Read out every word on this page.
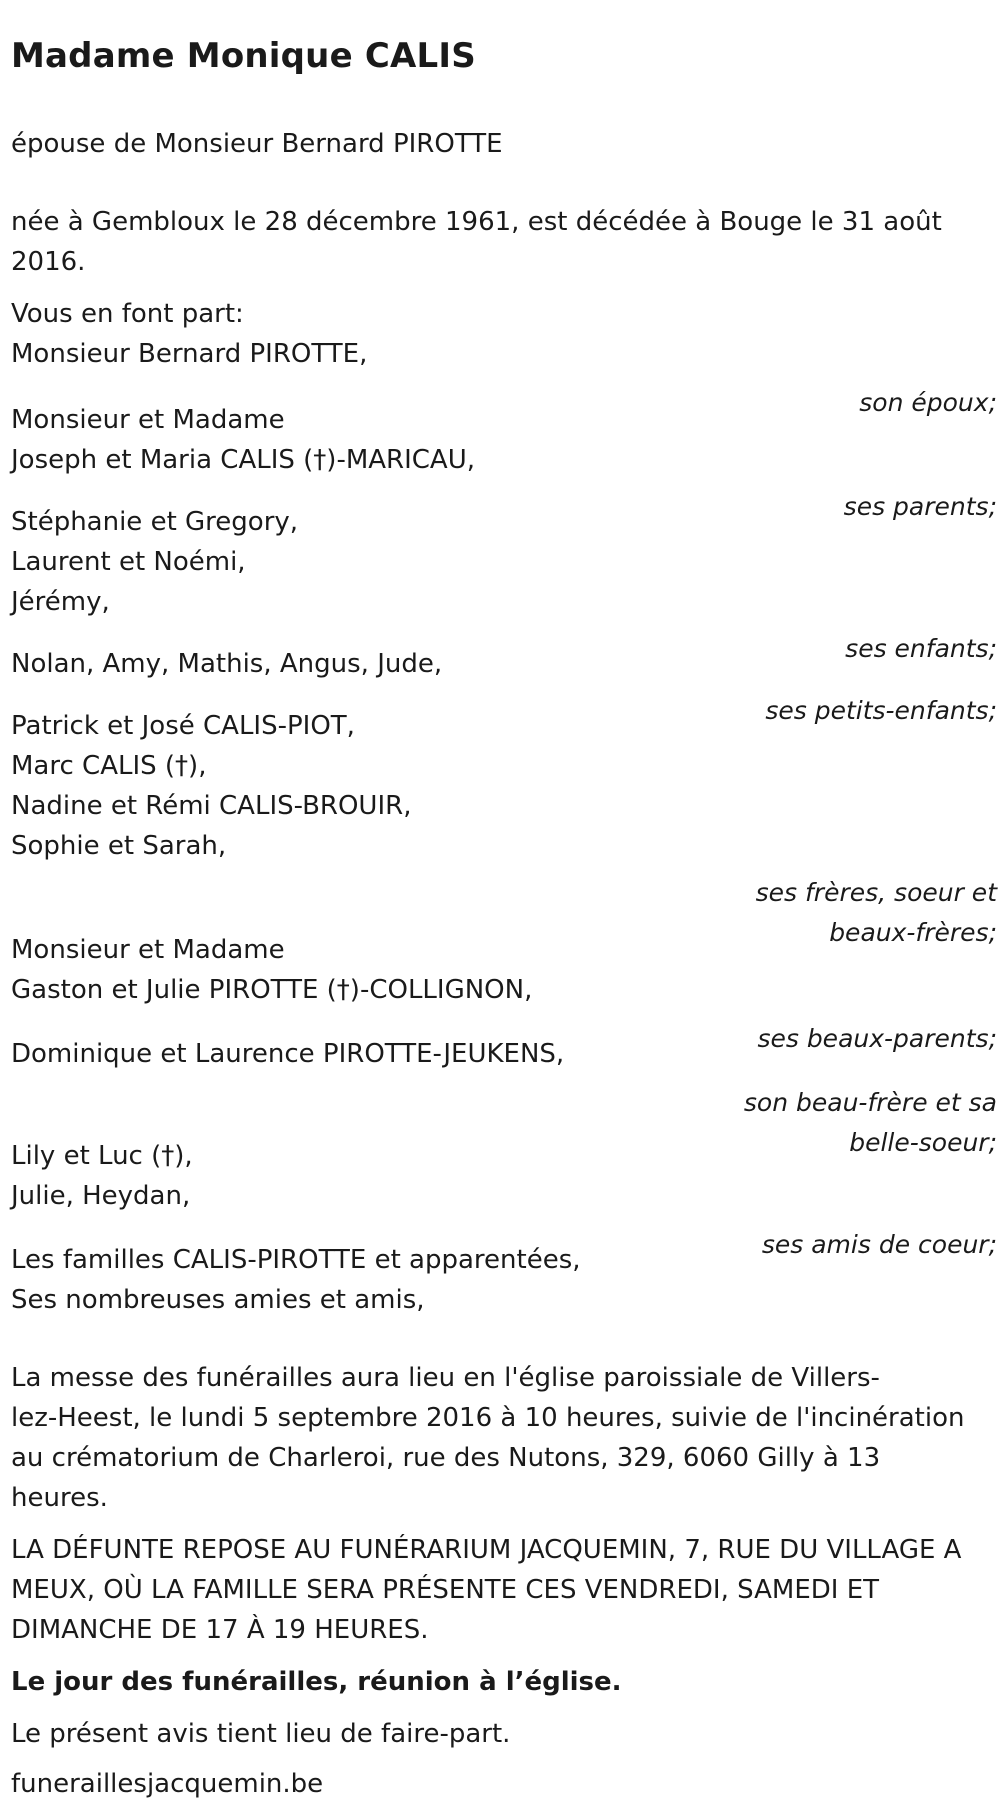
Madame Monique CALIS

épouse de Monsieur Bernard PIROTTE

née à Gembloux le 28 décembre 1961, est décédée à Bouge le 31 août

2016.

Vous en font part:

Monsieur Bernard PIROTTE,

son époux;

Monsieur et Madame

Joseph et Maria CALIS (†)-MARICAU,

ses parents;

Stéphanie et Gregory,

Laurent et Noémi,

Jérémy,

ses enfants;

Nolan, Amy, Mathis, Angus, Jude,

ses petits-enfants;

Patrick et José CALIS-PIOT,

Marc CALIS (†),

Nadine et Rémi CALIS-BROUIR,

Sophie et Sarah,

ses frères, soeur et

beaux-frères;

Monsieur et Madame

Gaston et Julie PIROTTE (†)-COLLIGNON,

ses beaux-parents;

Dominique et Laurence PIROTTE-JEUKENS,

son beau-frère et sa

belle-soeur;

Lily et Luc (†),

Julie, Heydan,

ses amis de coeur;

Les familles CALIS-PIROTTE et apparentées,

Ses nombreuses amies et amis,

La messe des funérailles aura lieu en l'église paroissiale de Villers-

lez-Heest, le lundi 5 septembre 2016 à 10 heures, suivie de l'incinération

au crématorium de Charleroi, rue des Nutons, 329, 6060 Gilly à 13

heures.

LA DÉFUNTE REPOSE AU FUNÉRARIUM JACQUEMIN, 7, RUE DU VILLAGE A

MEUX, OÙ LA FAMILLE SERA PRÉSENTE CES VENDREDI, SAMEDI ET

DIMANCHE DE 17 À 19 HEURES.

Le jour des funérailles, réunion à l’église.

Le présent avis tient lieu de faire-part.

funeraillesjacquemin.be
